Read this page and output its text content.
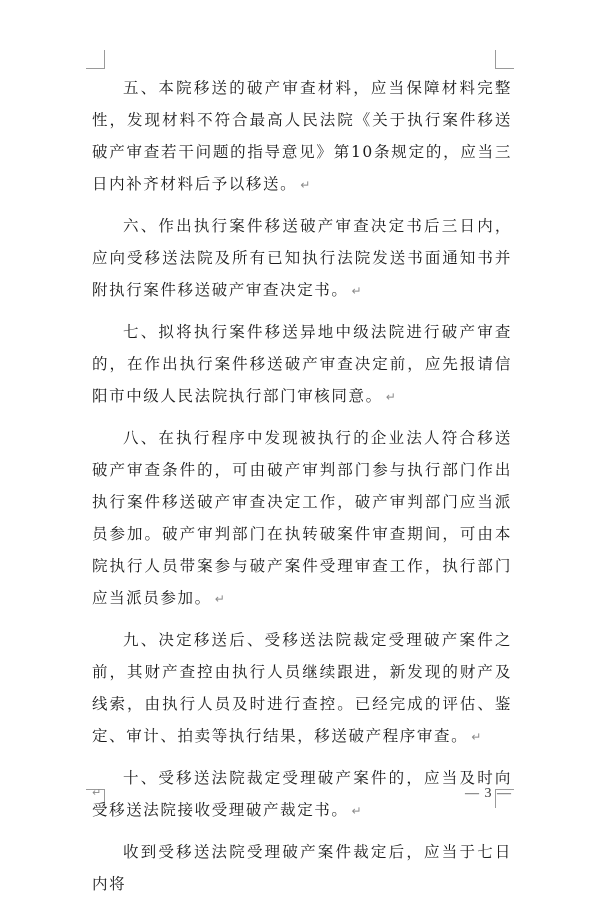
五、本院移送的破产审查材料，应当保障材料完整性，发现材料不符合最高人民法院《关于执行案件移送破产审查若干问题的指导意见》第10条规定的，应当三日内补齐材料后予以移送。 ↵

六、作出执行案件移送破产审查决定书后三日内，应向受移送法院及所有已知执行法院发送书面通知书并附执行案件移送破产审查决定书。 ↵

七、拟将执行案件移送异地中级法院进行破产审查的，在作出执行案件移送破产审查决定前，应先报请信阳市中级人民法院执行部门审核同意。 ↵

八、在执行程序中发现被执行的企业法人符合移送破产审查条件的，可由破产审判部门参与执行部门作出执行案件移送破产审查决定工作，破产审判部门应当派员参加。破产审判部门在执转破案件审查期间，可由本院执行人员带案参与破产案件受理审查工作，执行部门应当派员参加。 ↵

九、决定移送后、受移送法院裁定受理破产案件之前，其财产查控由执行人员继续跟进，新发现的财产及线索，由执行人员及时进行查控。已经完成的评估、鉴定、审计、拍卖等执行结果，移送破产程序审查。 ↵

十、受移送法院裁定受理破产案件的，应当及时向受移送法院接收受理破产裁定书。 ↵

收到受移送法院受理破产案件裁定后，应当于七日内将

↵	— 3 —
